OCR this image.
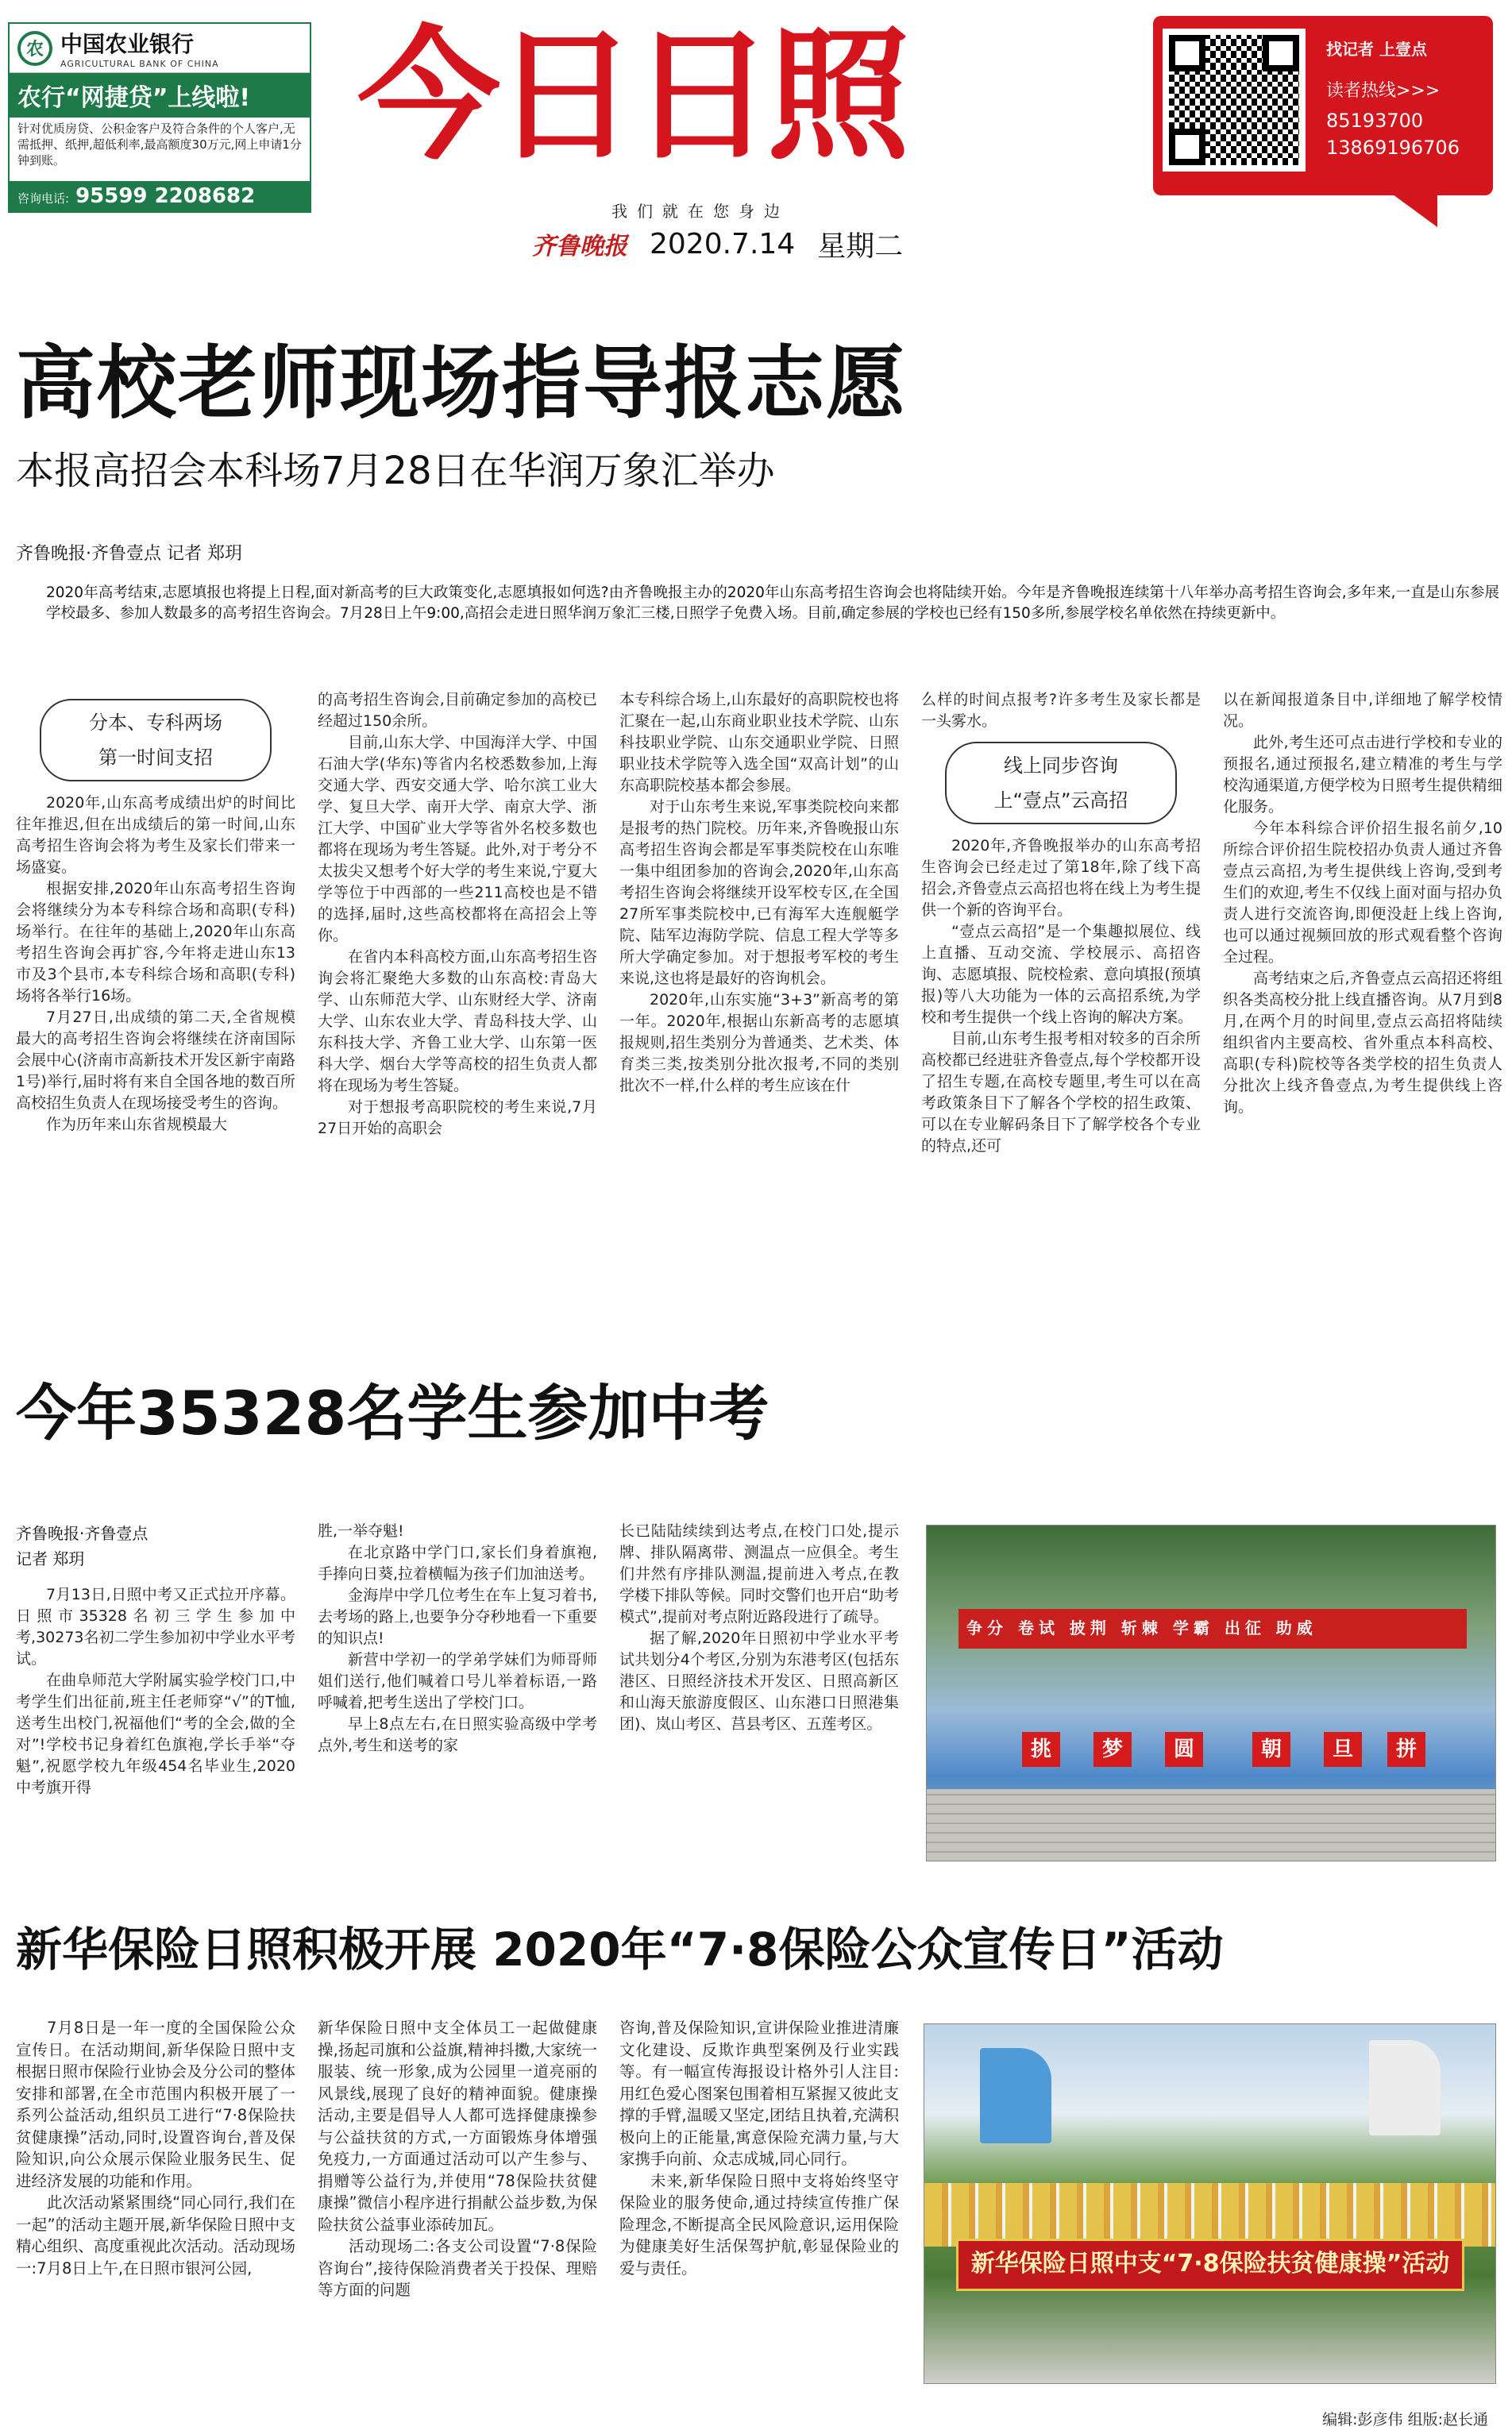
农 中国农业银行
AGRICULTURAL BANK OF CHINA
农行“网捷贷”上线啦!
针对优质房贷、公积金客户及符合条件的个人客户,无需抵押、纸押,超低利率,最高额度30万元,网上申请1分钟到账。
咨询电话: 95599 2208682
今日日照
我们就在您身边
齐鲁晚报 2020.7.14 星期二
找记者 上壹点
读者热线>>>
85193700
13869196706
高校老师现场指导报志愿
本报高招会本科场7月28日在华润万象汇举办
齐鲁晚报·齐鲁壹点 记者 郑玥
2020年高考结束,志愿填报也将提上日程,面对新高考的巨大政策变化,志愿填报如何选?由齐鲁晚报主办的2020年山东高考招生咨询会也将陆续开始。今年是齐鲁晚报连续第十八年举办高考招生咨询会,多年来,一直是山东参展学校最多、参加人数最多的高考招生咨询会。7月28日上午9:00,高招会走进日照华润万象汇三楼,日照学子免费入场。目前,确定参展的学校也已经有150多所,参展学校名单依然在持续更新中。
分本、专科两场
第一时间支招

2020年,山东高考成绩出炉的时间比往年推迟,但在出成绩后的第一时间,山东高考招生咨询会将为考生及家长们带来一场盛宴。

根据安排,2020年山东高考招生咨询会将继续分为本专科综合场和高职(专科)场举行。在往年的基础上,2020年山东高考招生咨询会再扩容,今年将走进山东13市及3个县市,本专科综合场和高职(专科)场将各举行16场。

7月27日,出成绩的第二天,全省规模最大的高考招生咨询会将继续在济南国际会展中心(济南市高新技术开发区新宇南路1号)举行,届时将有来自全国各地的数百所高校招生负责人在现场接受考生的咨询。

作为历年来山东省规模最大

的高考招生咨询会,目前确定参加的高校已经超过150余所。

目前,山东大学、中国海洋大学、中国石油大学(华东)等省内名校悉数参加,上海交通大学、西安交通大学、哈尔滨工业大学、复旦大学、南开大学、南京大学、浙江大学、中国矿业大学等省外名校多数也都将在现场为考生答疑。此外,对于考分不太拔尖又想考个好大学的考生来说,宁夏大学等位于中西部的一些211高校也是不错的选择,届时,这些高校都将在高招会上等你。

在省内本科高校方面,山东高考招生咨询会将汇聚绝大多数的山东高校:青岛大学、山东师范大学、山东财经大学、济南大学、山东农业大学、青岛科技大学、山东科技大学、齐鲁工业大学、山东第一医科大学、烟台大学等高校的招生负责人都将在现场为考生答疑。

对于想报考高职院校的考生来说,7月27日开始的高职会

本专科综合场上,山东最好的高职院校也将汇聚在一起,山东商业职业技术学院、山东科技职业学院、山东交通职业学院、日照职业技术学院等入选全国“双高计划”的山东高职院校基本都会参展。

对于山东考生来说,军事类院校向来都是报考的热门院校。历年来,齐鲁晚报山东高考招生咨询会都是军事类院校在山东唯一集中组团参加的咨询会,2020年,山东高考招生咨询会将继续开设军校专区,在全国27所军事类院校中,已有海军大连舰艇学院、陆军边海防学院、信息工程大学等多所大学确定参加。对于想报考军校的考生来说,这也将是最好的咨询机会。

2020年,山东实施“3+3”新高考的第一年。2020年,根据山东新高考的志愿填报规则,招生类别分为普通类、艺术类、体育类三类,按类别分批次报考,不同的类别批次不一样,什么样的考生应该在什

么样的时间点报考?许多考生及家长都是一头雾水。

线上同步咨询
上“壹点”云高招

2020年,齐鲁晚报举办的山东高考招生咨询会已经走过了第18年,除了线下高招会,齐鲁壹点云高招也将在线上为考生提供一个新的咨询平台。

“壹点云高招”是一个集趣拟展位、线上直播、互动交流、学校展示、高招咨询、志愿填报、院校检索、意向填报(预填报)等八大功能为一体的云高招系统,为学校和考生提供一个线上咨询的解决方案。

目前,山东考生报考相对较多的百余所高校都已经进驻齐鲁壹点,每个学校都开设了招生专题,在高校专题里,考生可以在高考政策条目下了解各个学校的招生政策、可以在专业解码条目下了解学校各个专业的特点,还可

以在新闻报道条目中,详细地了解学校情况。

此外,考生还可点击进行学校和专业的预报名,通过预报名,建立精准的考生与学校沟通渠道,方便学校为日照考生提供精细化服务。

今年本科综合评价招生报名前夕,10所综合评价招生院校招办负责人通过齐鲁壹点云高招,为考生提供线上咨询,受到考生们的欢迎,考生不仅线上面对面与招办负责人进行交流咨询,即便没赶上线上咨询,也可以通过视频回放的形式观看整个咨询全过程。

高考结束之后,齐鲁壹点云高招还将组织各类高校分批上线直播咨询。从7月到8月,在两个月的时间里,壹点云高招将陆续组织省内主要高校、省外重点本科高校、高职(专科)院校等各类学校的招生负责人分批次上线齐鲁壹点,为考生提供线上咨询。

今年35328名学生参加中考
齐鲁晚报·齐鲁壹点
记者 郑玥

7月13日,日照中考又正式拉开序幕。日照市35328名初三学生参加中考,30273名初二学生参加初中学业水平考试。

在曲阜师范大学附属实验学校门口,中考学生们出征前,班主任老师穿“√”的T恤,送考生出校门,祝福他们“考的全会,做的全对”!学校书记身着红色旗袍,学长手举“夺魁”,祝愿学校九年级454名毕业生,2020中考旗开得

胜,一举夺魁!

在北京路中学门口,家长们身着旗袍,手捧向日葵,拉着横幅为孩子们加油送考。

金海岸中学几位考生在车上复习着书,去考场的路上,也要争分夺秒地看一下重要的知识点!

新营中学初一的学弟学妹们为师哥师姐们送行,他们喊着口号儿举着标语,一路呼喊着,把考生送出了学校门口。

早上8点左右,在日照实验高级中学考点外,考生和送考的家

长已陆陆续续到达考点,在校门口处,提示牌、排队隔离带、测温点一应俱全。考生们井然有序排队测温,提前进入考点,在教学楼下排队等候。同时交警们也开启“助考模式”,提前对考点附近路段进行了疏导。

据了解,2020年日照初中学业水平考试共划分4个考区,分别为东港考区(包括东港区、日照经济技术开发区、日照高新区和山海天旅游度假区、山东港口日照港集团)、岚山考区、莒县考区、五莲考区。

争分 卷试 披荆 斩棘 学霸 出征 助威
挑	梦	圆	朝	旦	拼
新华保险日照积极开展 2020年“7·8保险公众宣传日”活动

7月8日是一年一度的全国保险公众宣传日。在活动期间,新华保险日照中支根据日照市保险行业协会及分公司的整体安排和部署,在全市范围内积极开展了一系列公益活动,组织员工进行“7·8保险扶贫健康操”活动,同时,设置咨询台,普及保险知识,向公众展示保险业服务民生、促进经济发展的功能和作用。

此次活动紧紧围绕“同心同行,我们在一起”的活动主题开展,新华保险日照中支精心组织、高度重视此次活动。活动现场一:7月8日上午,在日照市银河公园,

新华保险日照中支全体员工一起做健康操,扬起司旗和公益旗,精神抖擞,大家统一服装、统一形象,成为公园里一道亮丽的风景线,展现了良好的精神面貌。健康操活动,主要是倡导人人都可选择健康操参与公益扶贫的方式,一方面锻炼身体增强免疫力,一方面通过活动可以产生参与、捐赠等公益行为,并使用“78保险扶贫健康操”微信小程序进行捐献公益步数,为保险扶贫公益事业添砖加瓦。

活动现场二:各支公司设置“7·8保险咨询台”,接待保险消费者关于投保、理赔等方面的问题

咨询,普及保险知识,宣讲保险业推进清廉文化建设、反欺诈典型案例及行业实践等。有一幅宣传海报设计格外引人注目:用红色爱心图案包围着相互紧握又彼此支撑的手臂,温暖又坚定,团结且执着,充满积极向上的正能量,寓意保险充满力量,与大家携手向前、众志成城,同心同行。

未来,新华保险日照中支将始终坚守保险业的服务使命,通过持续宣传推广保险理念,不断提高全民风险意识,运用保险为健康美好生活保驾护航,彰显保险业的爱与责任。	新华保险日照中支“7·8保险扶贫健康操”活动
编辑:彭彦伟 组版:赵长通
